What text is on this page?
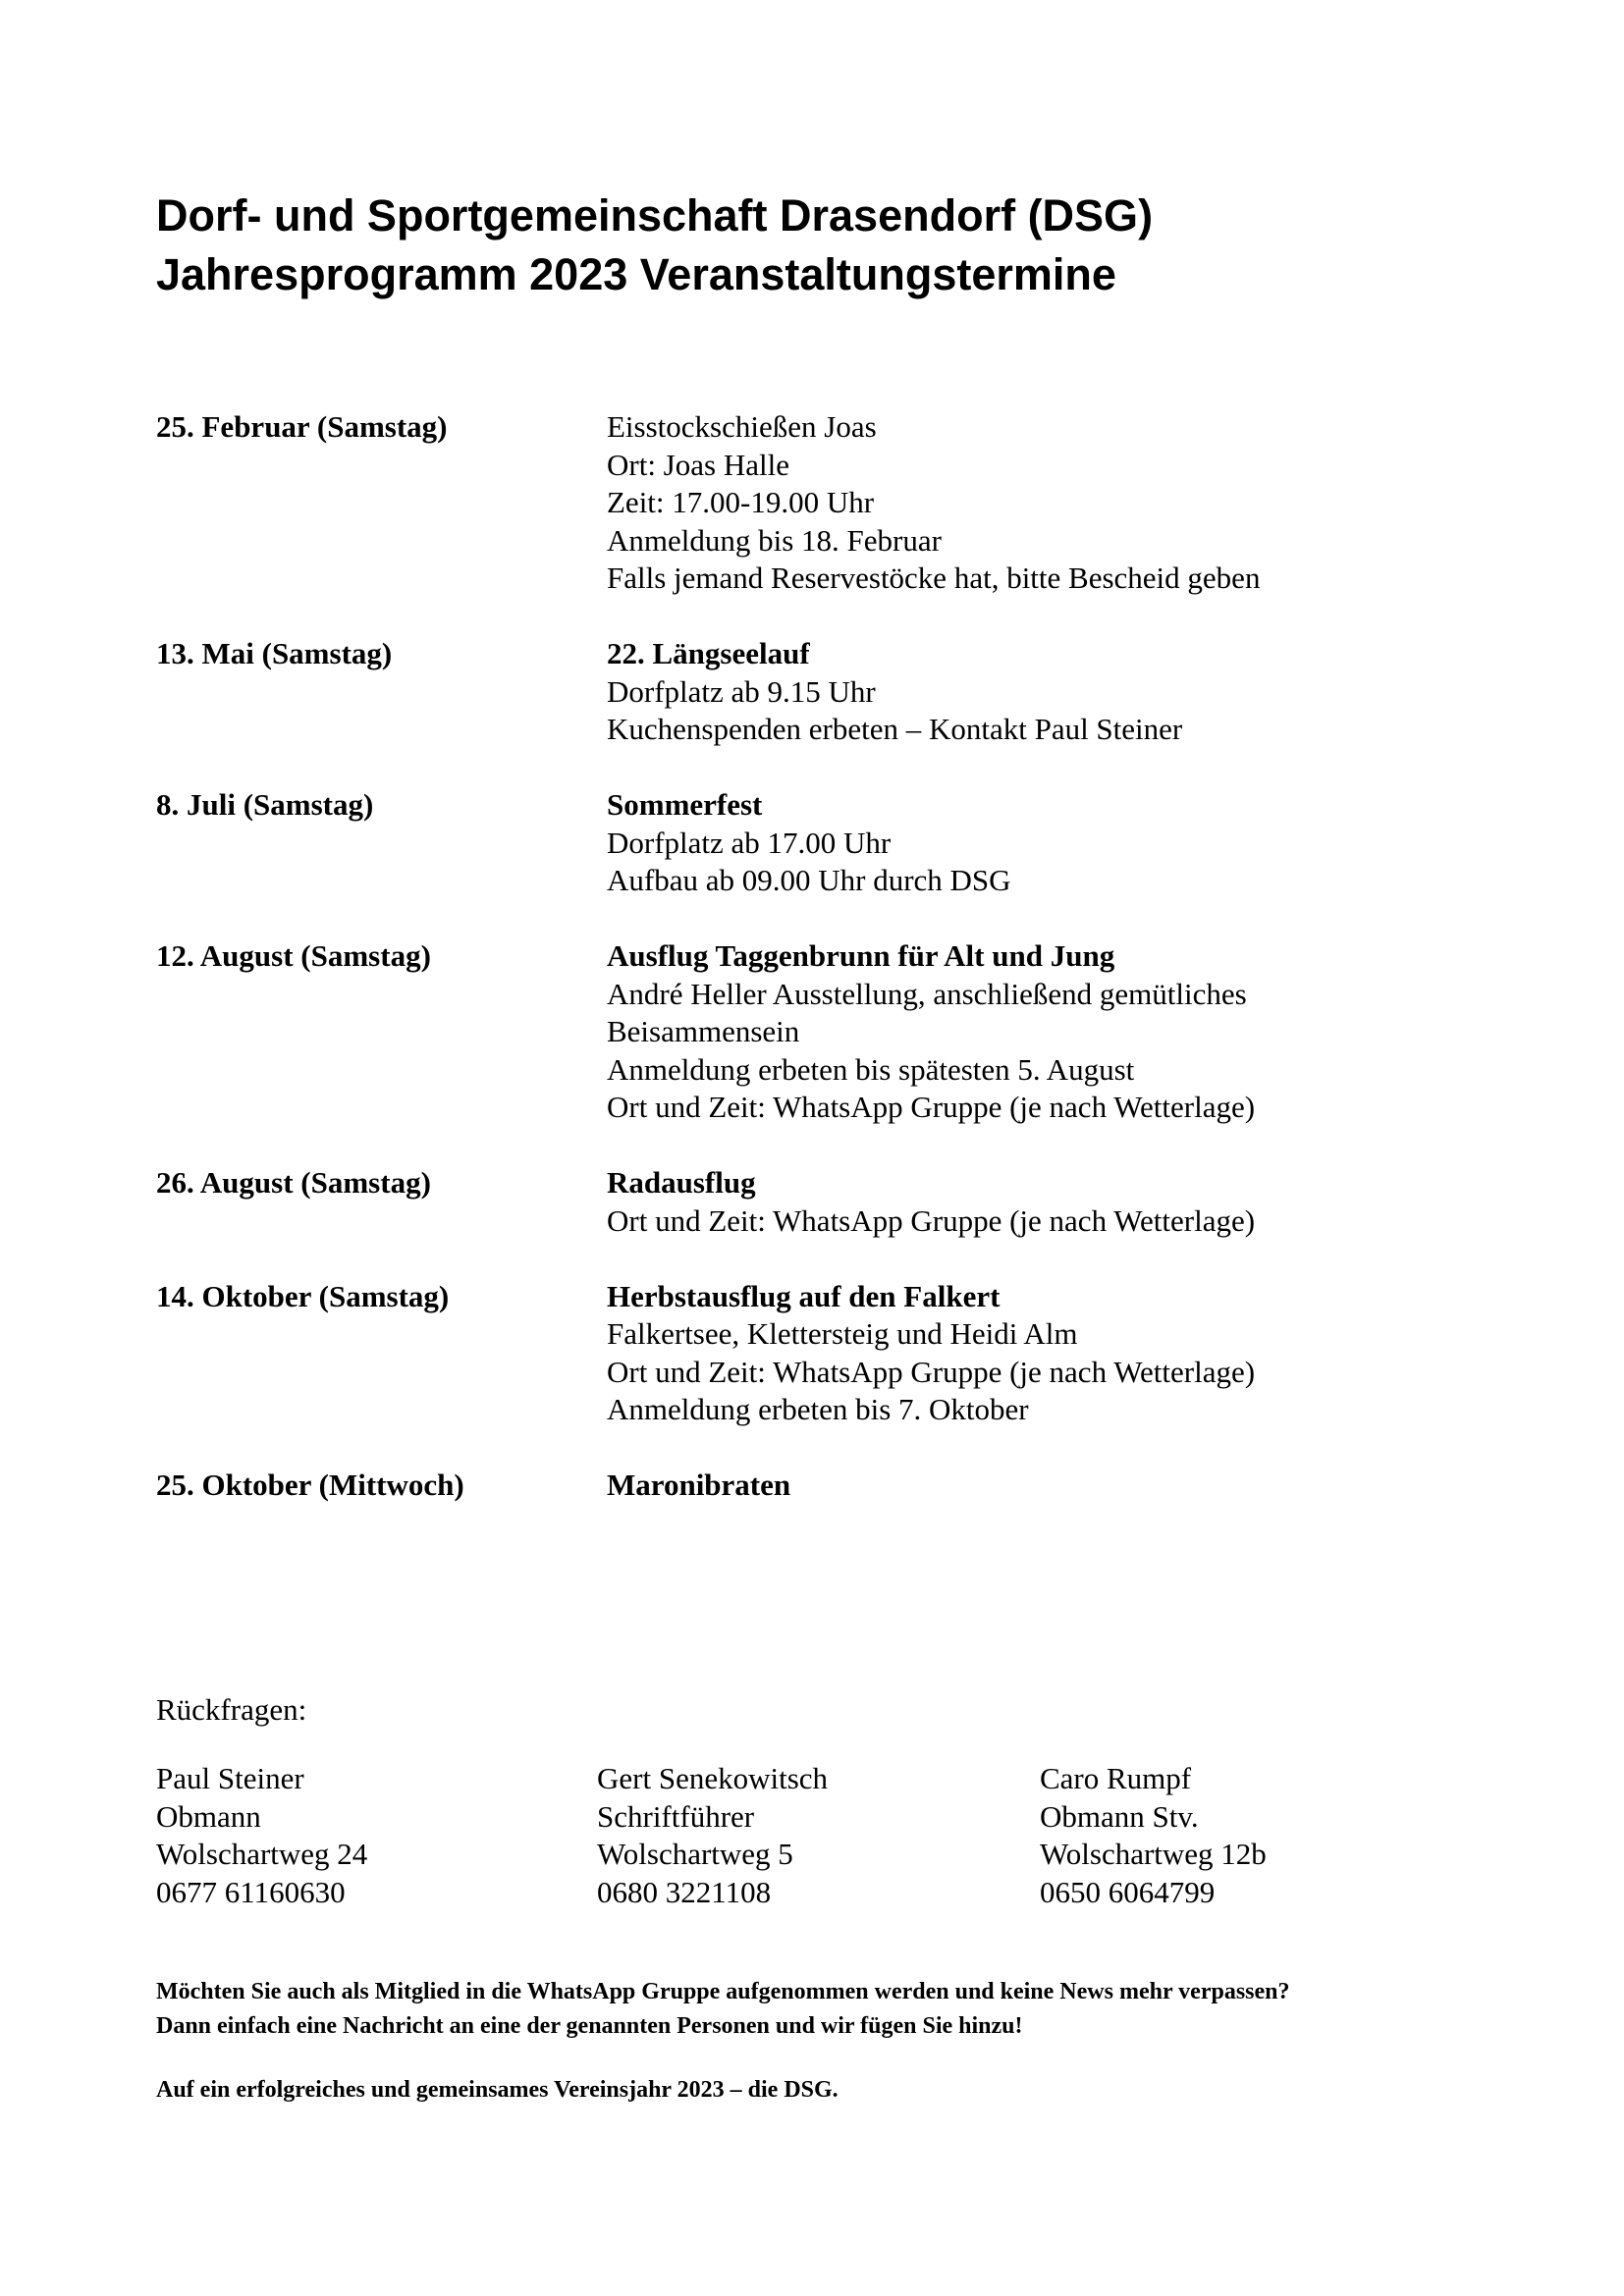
Dorf- und Sportgemeinschaft Drasendorf (DSG)
Jahresprogramm 2023 Veranstaltungstermine
25. Februar (Samstag)	Eisstockschießen Joas
Ort: Joas Halle
Zeit: 17.00-19.00 Uhr
Anmeldung bis 18. Februar
Falls jemand Reservestöcke hat, bitte Bescheid geben
13. Mai (Samstag)	22. Längseelauf
Dorfplatz ab 9.15 Uhr
Kuchenspenden erbeten – Kontakt Paul Steiner
8. Juli (Samstag)	Sommerfest
Dorfplatz ab 17.00 Uhr
Aufbau ab 09.00 Uhr durch DSG
12. August (Samstag)	Ausflug Taggenbrunn für Alt und Jung
André Heller Ausstellung, anschließend gemütliches
Beisammensein
Anmeldung erbeten bis spätesten 5. August
Ort und Zeit: WhatsApp Gruppe (je nach Wetterlage)
26. August (Samstag)	Radausflug
Ort und Zeit: WhatsApp Gruppe (je nach Wetterlage)
14. Oktober (Samstag)	Herbstausflug auf den Falkert
Falkertsee, Klettersteig und Heidi Alm
Ort und Zeit: WhatsApp Gruppe (je nach Wetterlage)
Anmeldung erbeten bis 7. Oktober
25. Oktober (Mittwoch)	Maronibraten
Rückfragen:
Paul Steiner
Obmann
Wolschartweg 24
0677 61160630
Gert Senekowitsch
Schriftführer
Wolschartweg 5
0680 3221108
Caro Rumpf
Obmann Stv.
Wolschartweg 12b
0650 6064799
Möchten Sie auch als Mitglied in die WhatsApp Gruppe aufgenommen werden und keine News mehr verpassen?
Dann einfach eine Nachricht an eine der genannten Personen und wir fügen Sie hinzu!
Auf ein erfolgreiches und gemeinsames Vereinsjahr 2023 – die DSG.
